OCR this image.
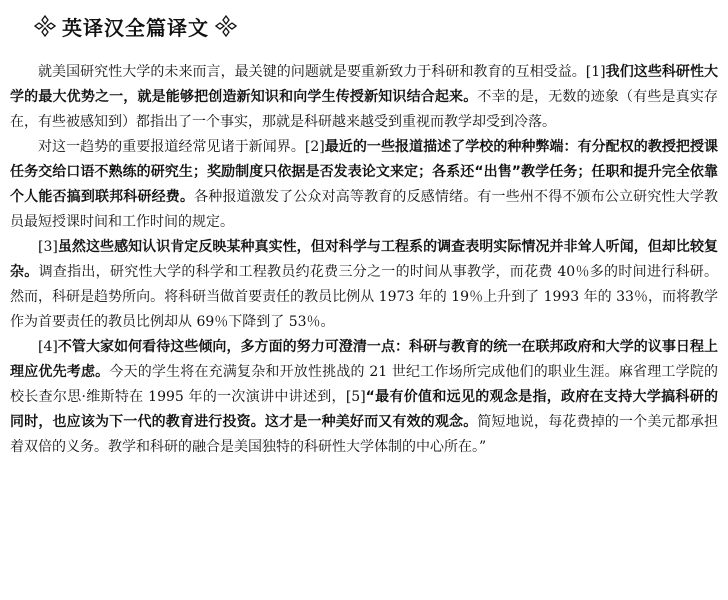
英译汉全篇译文

就美国研究性大学的未来而言，最关键的问题就是要重新致力于科研和教育的互相受益。[1]我们这些科研性大学的最大优势之一，就是能够把创造新知识和向学生传授新知识结合起来。不幸的是，无数的迹象（有些是真实存在，有些被感知到）都指出了一个事实，那就是科研越来越受到重视而教学却受到冷落。

对这一趋势的重要报道经常见诸于新闻界。[2]最近的一些报道描述了学校的种种弊端：有分配权的教授把授课任务交给口语不熟练的研究生；奖励制度只依据是否发表论文来定；各系还“出售”教学任务；任职和提升完全依靠个人能否搞到联邦科研经费。各种报道激发了公众对高等教育的反感情绪。有一些州不得不颁布公立研究性大学教员最短授课时间和工作时间的规定。

[3]虽然这些感知认识肯定反映某种真实性，但对科学与工程系的调查表明实际情况并非耸人听闻，但却比较复杂。调查指出，研究性大学的科学和工程教员约花费三分之一的时间从事教学，而花费 40％多的时间进行科研。然而，科研是趋势所向。将科研当做首要责任的教员比例从 1973 年的 19％上升到了 1993 年的 33％，而将教学作为首要责任的教员比例却从 69％下降到了 53％。

[4]不管大家如何看待这些倾向，多方面的努力可澄清一点：科研与教育的统一在联邦政府和大学的议事日程上理应优先考虑。今天的学生将在充满复杂和开放性挑战的 21 世纪工作场所完成他们的职业生涯。麻省理工学院的校长查尔思·维斯特在 1995 年的一次演讲中讲述到，[5]“最有价值和远见的观念是指，政府在支持大学搞科研的同时，也应该为下一代的教育进行投资。这才是一种美好而又有效的观念。简短地说，每花费掉的一个美元都承担着双倍的义务。教学和科研的融合是美国独特的科研性大学体制的中心所在。”
